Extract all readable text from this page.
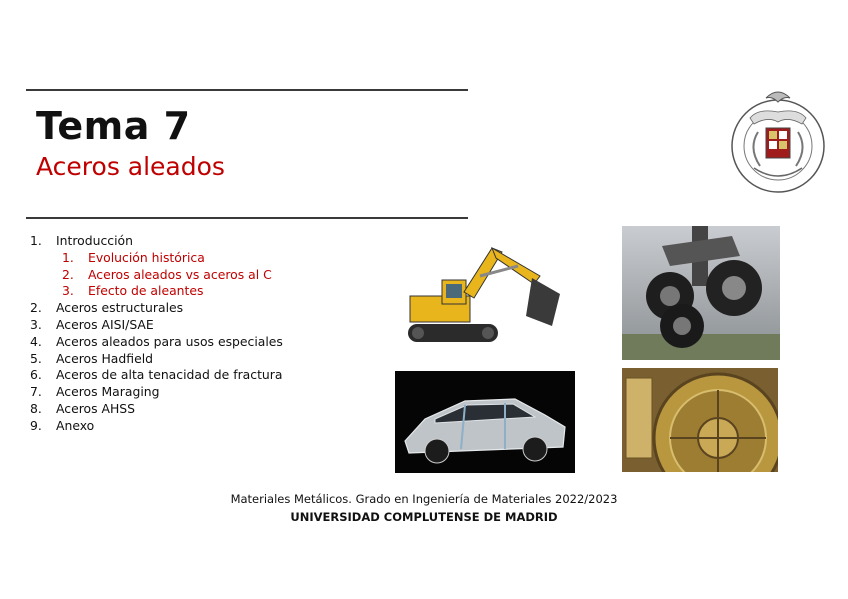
Tema 7
Aceros aleados
1. Introducción
1. Evolución histórica
2. Aceros aleados vs aceros al C
3. Efecto de aleantes
2. Aceros estructurales
3. Aceros AISI/SAE
4. Aceros aleados para usos especiales
5. Aceros Hadfield
6. Aceros de alta tenacidad de fractura
7. Aceros Maraging
8. Aceros AHSS
9. Anexo
Materiales Metálicos. Grado en Ingeniería de Materiales 2022/2023
UNIVERSIDAD COMPLUTENSE DE MADRID
